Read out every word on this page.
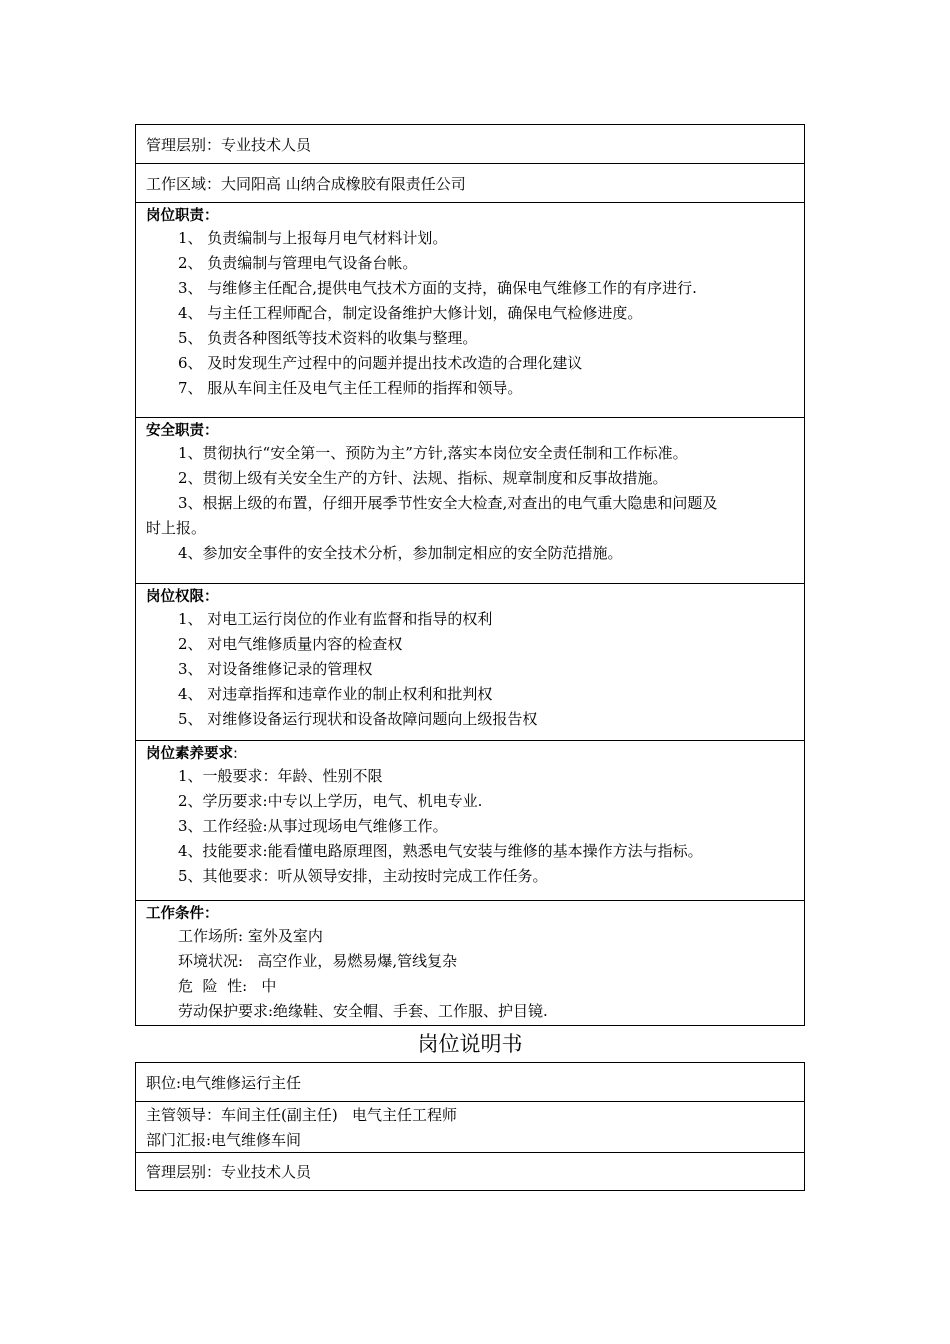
管理层别：专业技术人员
工作区域：大同阳高 山纳合成橡胶有限责任公司
岗位职责：
1、 负责编制与上报每月电气材料计划。
2、 负责编制与管理电气设备台帐。
3、 与维修主任配合,提供电气技术方面的支持，确保电气维修工作的有序进行.
4、 与主任工程师配合，制定设备维护大修计划，确保电气检修进度。
5、 负责各种图纸等技术资料的收集与整理。
6、 及时发现生产过程中的问题并提出技术改造的合理化建议
7、 服从车间主任及电气主任工程师的指挥和领导。
安全职责：
1、贯彻执行“安全第一、预防为主”方针,落实本岗位安全责任制和工作标准。
2、贯彻上级有关安全生产的方针、法规、指标、规章制度和反事故措施。
3、根据上级的布置，仔细开展季节性安全大检查,对查出的电气重大隐患和问题及
时上报。
4、参加安全事件的安全技术分析，参加制定相应的安全防范措施。
岗位权限：
1、 对电工运行岗位的作业有监督和指导的权利
2、 对电气维修质量内容的检查权
3、 对设备维修记录的管理权
4、 对违章指挥和违章作业的制止权利和批判权
5、 对维修设备运行现状和设备故障问题向上级报告权
岗位素养要求:
1、一般要求：年龄、性别不限
2、学历要求:中专以上学历，电气、机电专业.
3、工作经验:从事过现场电气维修工作。
4、技能要求:能看懂电路原理图，熟悉电气安装与维修的基本操作方法与指标。
5、其他要求：听从领导安排，主动按时完成工作任务。
工作条件：
工作场所: 室外及室内
环境状况:   高空作业，易燃易爆,管线复杂
危  险  性:   中
劳动保护要求:绝缘鞋、安全帽、手套、工作服、护目镜.
岗位说明书
职位:电气维修运行主任
主管领导：车间主任(副主任)   电气主任工程师
部门汇报:电气维修车间
管理层别：专业技术人员
